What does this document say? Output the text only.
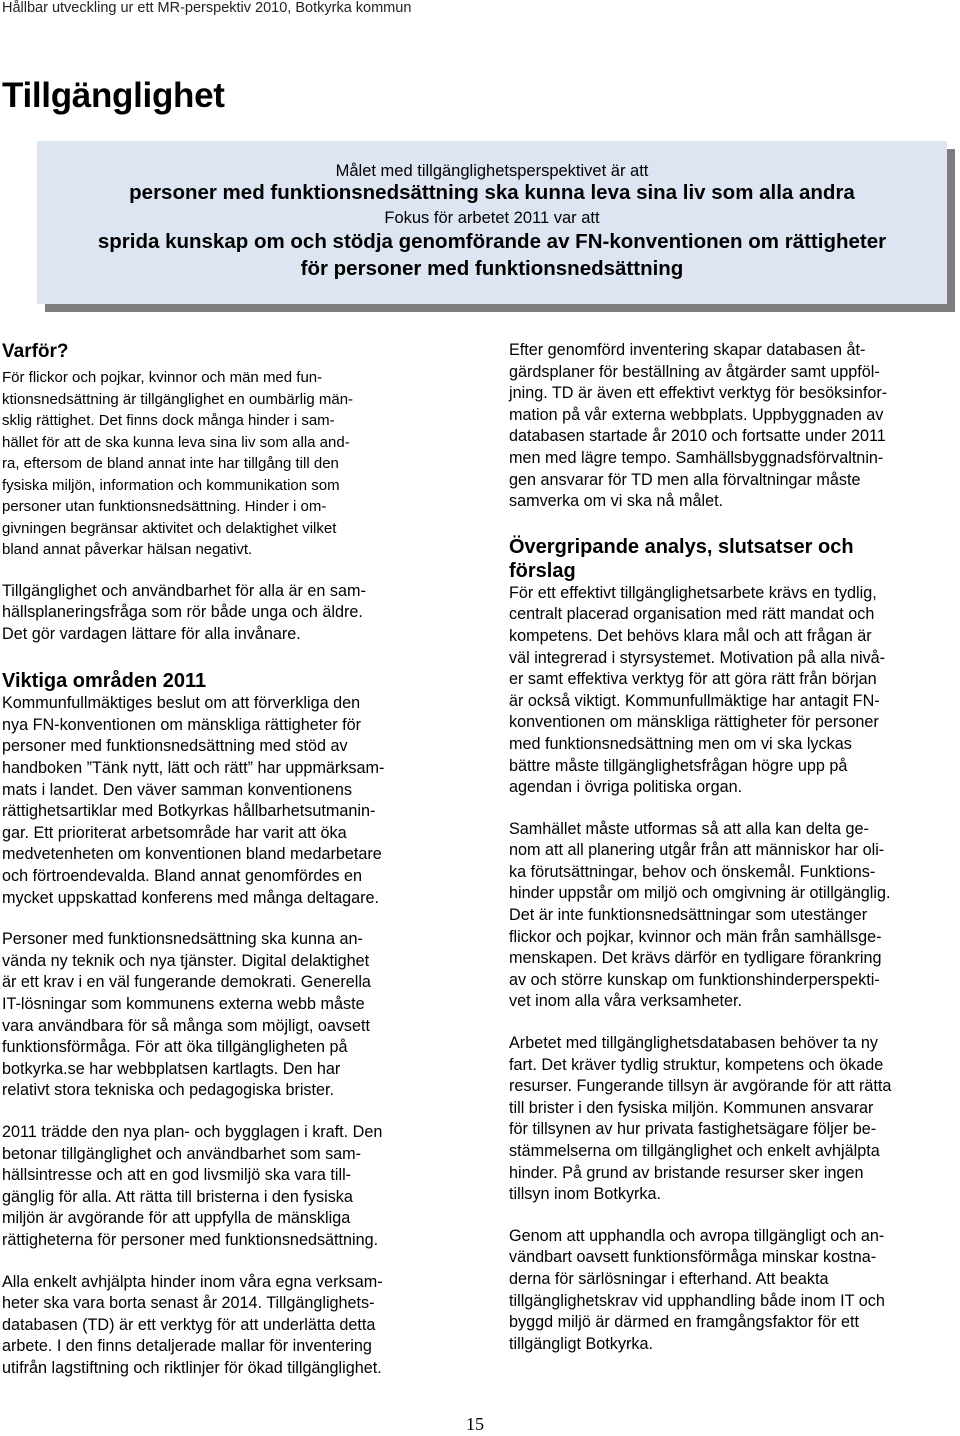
Hållbar utveckling ur ett MR-perspektiv 2010, Botkyrka kommun
Tillgänglighet
Målet med tillgänglighetsperspektivet är att
personer med funktionsnedsättning ska kunna leva sina liv som alla andra
Fokus för arbetet 2011 var att
sprida kunskap om och stödja genomförande av FN-konventionen om rättigheter
för personer med funktionsnedsättning
Varför?
För flickor och pojkar, kvinnor och män med fun-
ktionsnedsättning är tillgänglighet en oumbärlig män-
sklig rättighet. Det finns dock många hinder i sam-
hället för att de ska kunna leva sina liv som alla and-
ra, eftersom de bland annat inte har tillgång till den
fysiska miljön, information och kommunikation som
personer utan funktionsnedsättning. Hinder i om-
givningen begränsar aktivitet och delaktighet vilket
bland annat påverkar hälsan negativt.
Tillgänglighet och användbarhet för alla är en sam-
hällsplaneringsfråga som rör både unga och äldre.
Det gör vardagen lättare för alla invånare.
Viktiga områden 2011
Kommunfullmäktiges beslut om att förverkliga den
nya FN-konventionen om mänskliga rättigheter för
personer med funktionsnedsättning med stöd av
handboken ”Tänk nytt, lätt och rätt” har uppmärksam-
mats i landet. Den väver samman konventionens
rättighetsartiklar med Botkyrkas hållbarhetsutmanin-
gar. Ett prioriterat arbetsområde har varit att öka
medvetenheten om konventionen bland medarbetare
och förtroendevalda. Bland annat genomfördes en
mycket uppskattad konferens med många deltagare.
Personer med funktionsnedsättning ska kunna an-
vända ny teknik och nya tjänster. Digital delaktighet
är ett krav i en väl fungerande demokrati. Generella
IT-lösningar som kommunens externa webb måste
vara användbara för så många som möjligt, oavsett
funktionsförmåga. För att öka tillgängligheten på
botkyrka.se har webbplatsen kartlagts. Den har
relativt stora tekniska och pedagogiska brister.
2011 trädde den nya plan- och bygglagen i kraft. Den
betonar tillgänglighet och användbarhet som sam-
hällsintresse och att en god livsmiljö ska vara till-
gänglig för alla. Att rätta till bristerna i den fysiska
miljön är avgörande för att uppfylla de mänskliga
rättigheterna för personer med funktionsnedsättning.
Alla enkelt avhjälpta hinder inom våra egna verksam-
heter ska vara borta senast år 2014. Tillgänglighets-
databasen (TD) är ett verktyg för att underlätta detta
arbete. I den finns detaljerade mallar för inventering
utifrån lagstiftning och riktlinjer för ökad tillgänglighet.
Efter genomförd inventering skapar databasen åt-
gärdsplaner för beställning av åtgärder samt uppföl-
jning. TD är även ett effektivt verktyg för besöksinfor-
mation på vår externa webbplats. Uppbyggnaden av
databasen startade år 2010 och fortsatte under 2011
men med lägre tempo. Samhällsbyggnadsförvaltnin-
gen ansvarar för TD men alla förvaltningar måste
samverka om vi ska nå målet.
Övergripande analys, slutsatser och
förslag
För ett effektivt tillgänglighetsarbete krävs en tydlig,
centralt placerad organisation med rätt mandat och
kompetens. Det behövs klara mål och att frågan är
väl integrerad i styrsystemet. Motivation på alla nivå-
er samt effektiva verktyg för att göra rätt från början
är också viktigt. Kommunfullmäktige har antagit FN-
konventionen om mänskliga rättigheter för personer
med funktionsnedsättning men om vi ska lyckas
bättre måste tillgänglighetsfrågan högre upp på
agendan i övriga politiska organ.
Samhället måste utformas så att alla kan delta ge-
nom att all planering utgår från att människor har oli-
ka förutsättningar, behov och önskemål. Funktions-
hinder uppstår om miljö och omgivning är otillgänglig.
Det är inte funktionsnedsättningar som utestänger
flickor och pojkar, kvinnor och män från samhällsge-
menskapen. Det krävs därför en tydligare förankring
av och större kunskap om funktionshinderperspekti-
vet inom alla våra verksamheter.
Arbetet med tillgänglighetsdatabasen behöver ta ny
fart. Det kräver tydlig struktur, kompetens och ökade
resurser. Fungerande tillsyn är avgörande för att rätta
till brister i den fysiska miljön. Kommunen ansvarar
för tillsynen av hur privata fastighetsägare följer be-
stämmelserna om tillgänglighet och enkelt avhjälpta
hinder. På grund av bristande resurser sker ingen
tillsyn inom Botkyrka.
Genom att upphandla och avropa tillgängligt och an-
vändbart oavsett funktionsförmåga minskar kostna-
derna för särlösningar i efterhand. Att beakta
tillgänglighetskrav vid upphandling både inom IT och
byggd miljö är därmed en framgångsfaktor för ett
tillgängligt Botkyrka.
15
